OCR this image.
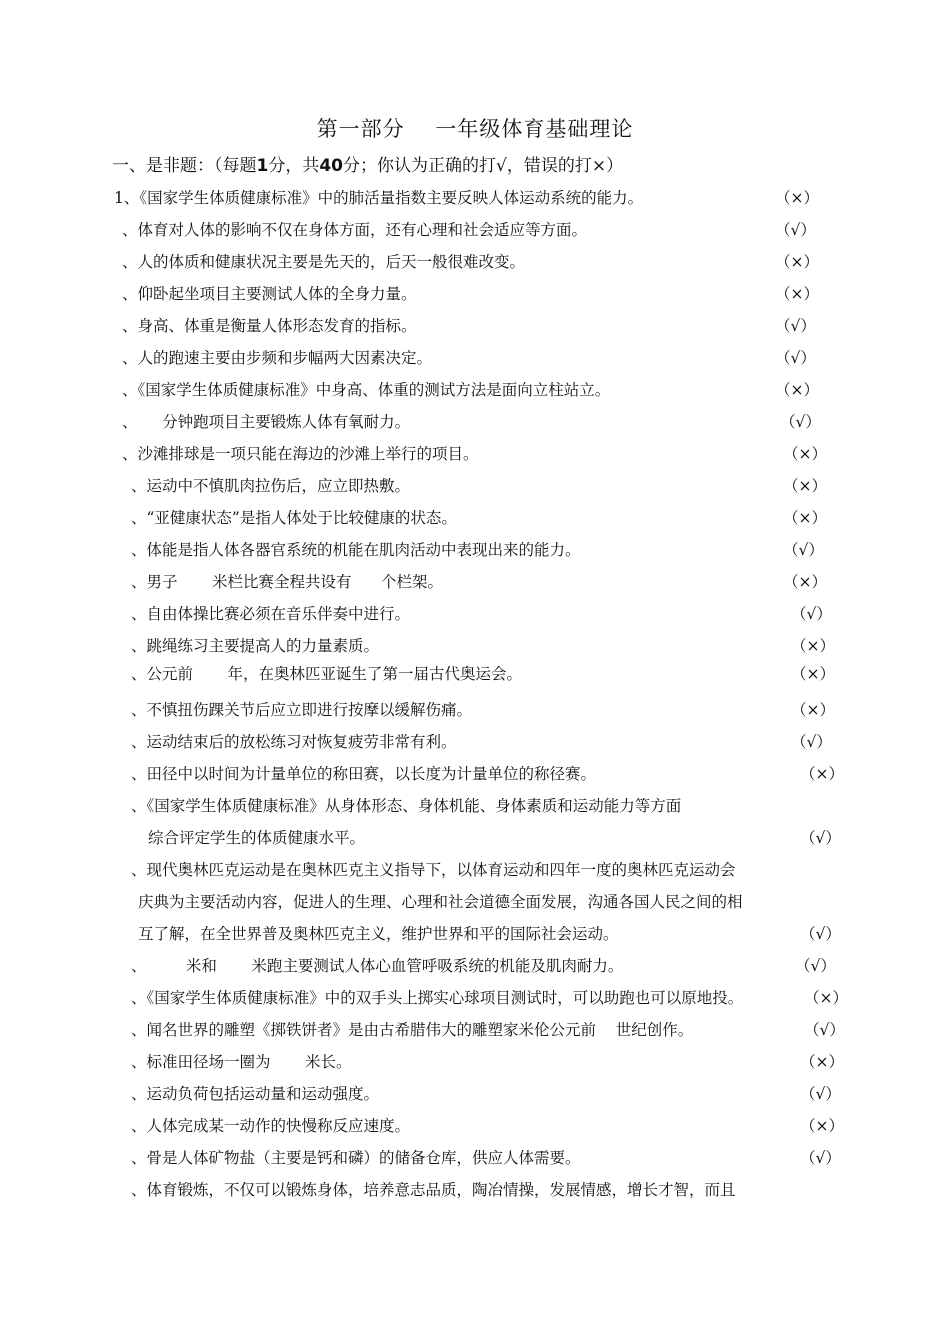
第一部分    一年级体育基础理论
一、是非题：（每题1分，共40分；你认为正确的打√，错误的打×）
1、《国家学生体质健康标准》中的肺活量指数主要反映人体运动系统的能力。	（×）
、体育对人体的影响不仅在身体方面，还有心理和社会适应等方面。	（√）
、人的体质和健康状况主要是先天的，后天一般很难改变。	（×）
、仰卧起坐项目主要测试人体的全身力量。	（×）
、身高、体重是衡量人体形态发育的指标。	（√）
、人的跑速主要由步频和步幅两大因素决定。	（√）
、《国家学生体质健康标准》中身高、体重的测试方法是面向立柱站立。	（×）
、     分钟跑项目主要锻炼人体有氧耐力。	（√）
、沙滩排球是一项只能在海边的沙滩上举行的项目。	（×）
、运动中不慎肌肉拉伤后，应立即热敷。	（×）
、“亚健康状态”是指人体处于比较健康的状态。	（×）
、体能是指人体各器官系统的机能在肌肉活动中表现出来的能力。	（√）
、男子       米栏比赛全程共设有      个栏架。	（×）
、自由体操比赛必须在音乐伴奏中进行。	（√）
、跳绳练习主要提高人的力量素质。	（×）
、公元前       年，在奥林匹亚诞生了第一届古代奥运会。	（×）
、不慎扭伤踝关节后应立即进行按摩以缓解伤痛。	（×）
、运动结束后的放松练习对恢复疲劳非常有利。	（√）
、田径中以时间为计量单位的称田赛，以长度为计量单位的称径赛。	（×）
、《国家学生体质健康标准》从身体形态、身体机能、身体素质和运动能力等方面
综合评定学生的体质健康水平。	（√）
、现代奥林匹克运动是在奥林匹克主义指导下，以体育运动和四年一度的奥林匹克运动会
庆典为主要活动内容，促进人的生理、心理和社会道德全面发展，沟通各国人民之间的相
互了解，在全世界普及奥林匹克主义，维护世界和平的国际社会运动。	（√）
、        米和       米跑主要测试人体心血管呼吸系统的机能及肌肉耐力。	（√）
、《国家学生体质健康标准》中的双手头上掷实心球项目测试时，可以助跑也可以原地投。	（×）
、闻名世界的雕塑《掷铁饼者》是由古希腊伟大的雕塑家米伦公元前    世纪创作。	（√）
、标准田径场一圈为       米长。	（×）
、运动负荷包括运动量和运动强度。	（√）
、人体完成某一动作的快慢称反应速度。	（×）
、骨是人体矿物盐（主要是钙和磷）的储备仓库，供应人体需要。	（√）
、体育锻炼，不仅可以锻炼身体，培养意志品质，陶冶情操，发展情感，增长才智，而且
